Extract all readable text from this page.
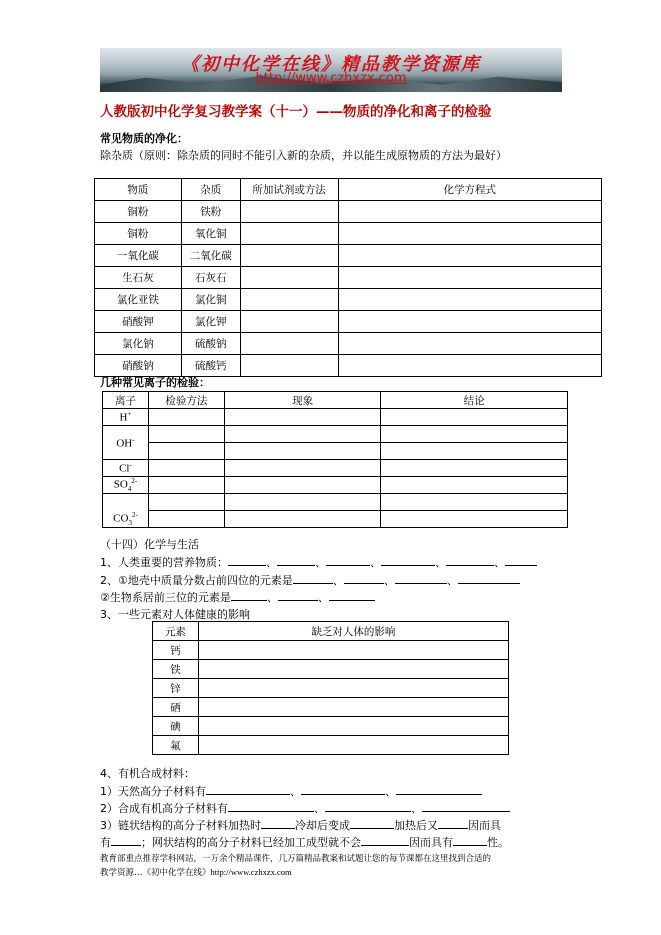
《初中化学在线》精品教学资源库
http://www.czhxzx.com
人教版初中化学复习教学案（十一）——物质的净化和离子的检验
常见物质的净化：
除杂质（原则：除杂质的同时不能引入新的杂质，并以能生成原物质的方法为最好）
物质	杂质	所加试剂或方法	化学方程式
铜粉	铁粉		
铜粉	氧化铜		
一氧化碳	二氧化碳		
生石灰	石灰石		
氯化亚铁	氯化铜		
硝酸钾	氯化钾		
氯化钠	硫酸钠		
硝酸钠	硫酸钙		
几种常见离子的检验：
离子	检验方法	现象	结论
H+			
OH-			

Cl-			
$SO_4^{2-}$			
$CO_3^{2-}$			

（十四）化学与生活
1、人类重要的营养物质：	、	、	、	、	、
2、①地壳中质量分数占前四位的元素是	、	、	、
②生物系居前三位的元素是	、	、
3、一些元素对人体健康的影响
元素	缺乏对人体的影响
钙	
铁	
锌	
硒	
碘	
氟	
4、有机合成材料：
1）天然高分子材料有	、	、
2）合成有机高分子材料有	、	、
3）链状结构的高分子材料加热时	冷却后变成	加热后又	因而具
有	；网状结构的高分子材料已经加工成型就不会	因而具有	性。
教育部重点推荐学科网站，一万余个精品课件，几万篇精品教案和试题让您的每节课都在这里找到合适的
教学资源…《初中化学在线》http://www.czhxzx.com
